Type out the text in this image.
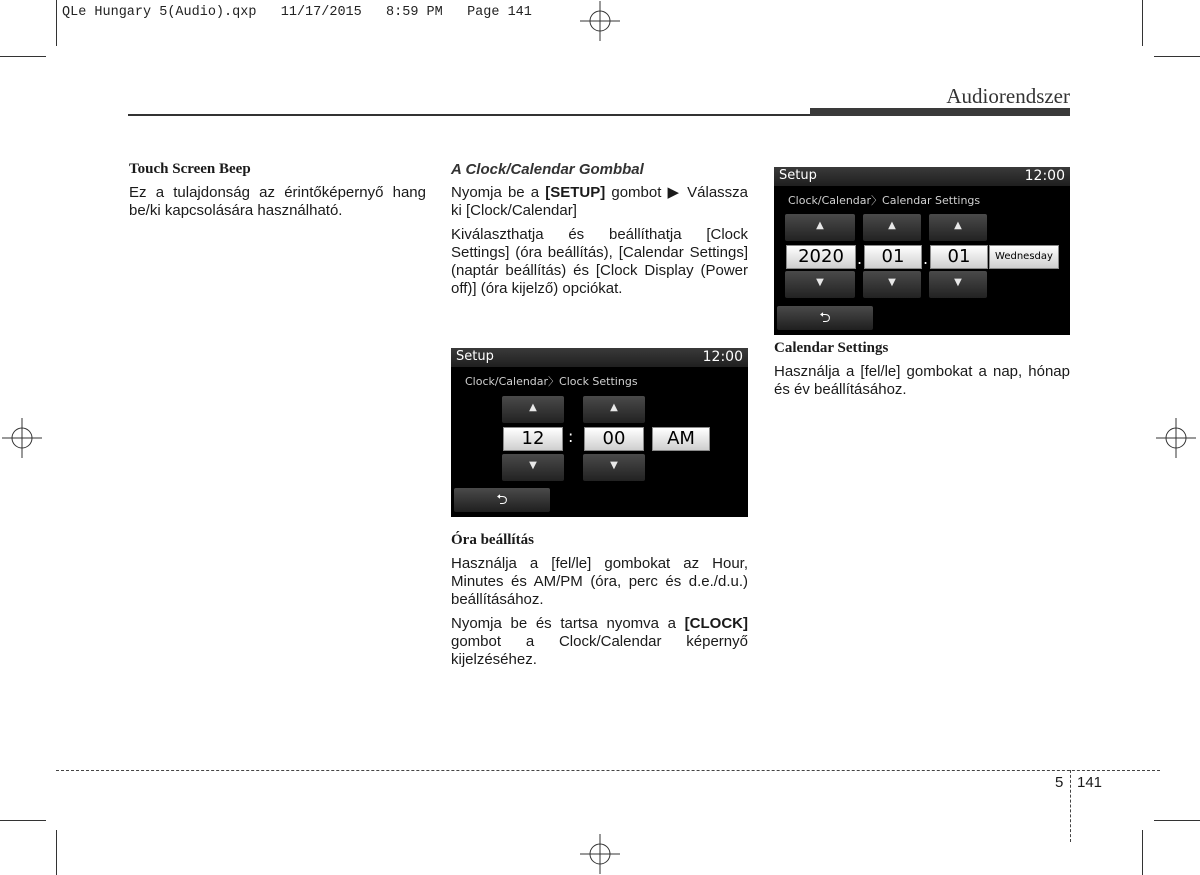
QLe Hungary 5(Audio).qxp   11/17/2015   8:59 PM   Page 141
Audiorendszer
Touch Screen Beep
Ez a tulajdonság az érintőképernyő hang be/ki kapcsolására használható.
A Clock/Calendar Gombbal
Nyomja be a [SETUP] gombot ▶ Válassza ki [Clock/Calendar]
Kiválaszthatja és beállíthatja [Clock Settings] (óra beállítás), [Calendar Settings] (naptár beállítás) és [Clock Display (Power off)] (óra kijelző) opciókat.
Setup	12:00
Clock/Calendar〉Clock Settings
▲	▲
12	:	00	AM
▼	▼
⮌
Óra beállítás
Használja a [fel/le] gombokat az Hour, Minutes és AM/PM (óra, perc és d.e./d.u.) beállításához.
Nyomja be és tartsa nyomva a [CLOCK] gombot a Clock/Calendar képernyő kijelzéséhez.
Setup	12:00
Clock/Calendar〉Calendar Settings
▲	▲	▲
2020 .	01	.	01	Wednesday
▼	▼	▼
⮌
Calendar Settings
Használja a [fel/le] gombokat a nap, hónap és év beállításához.
5 141
